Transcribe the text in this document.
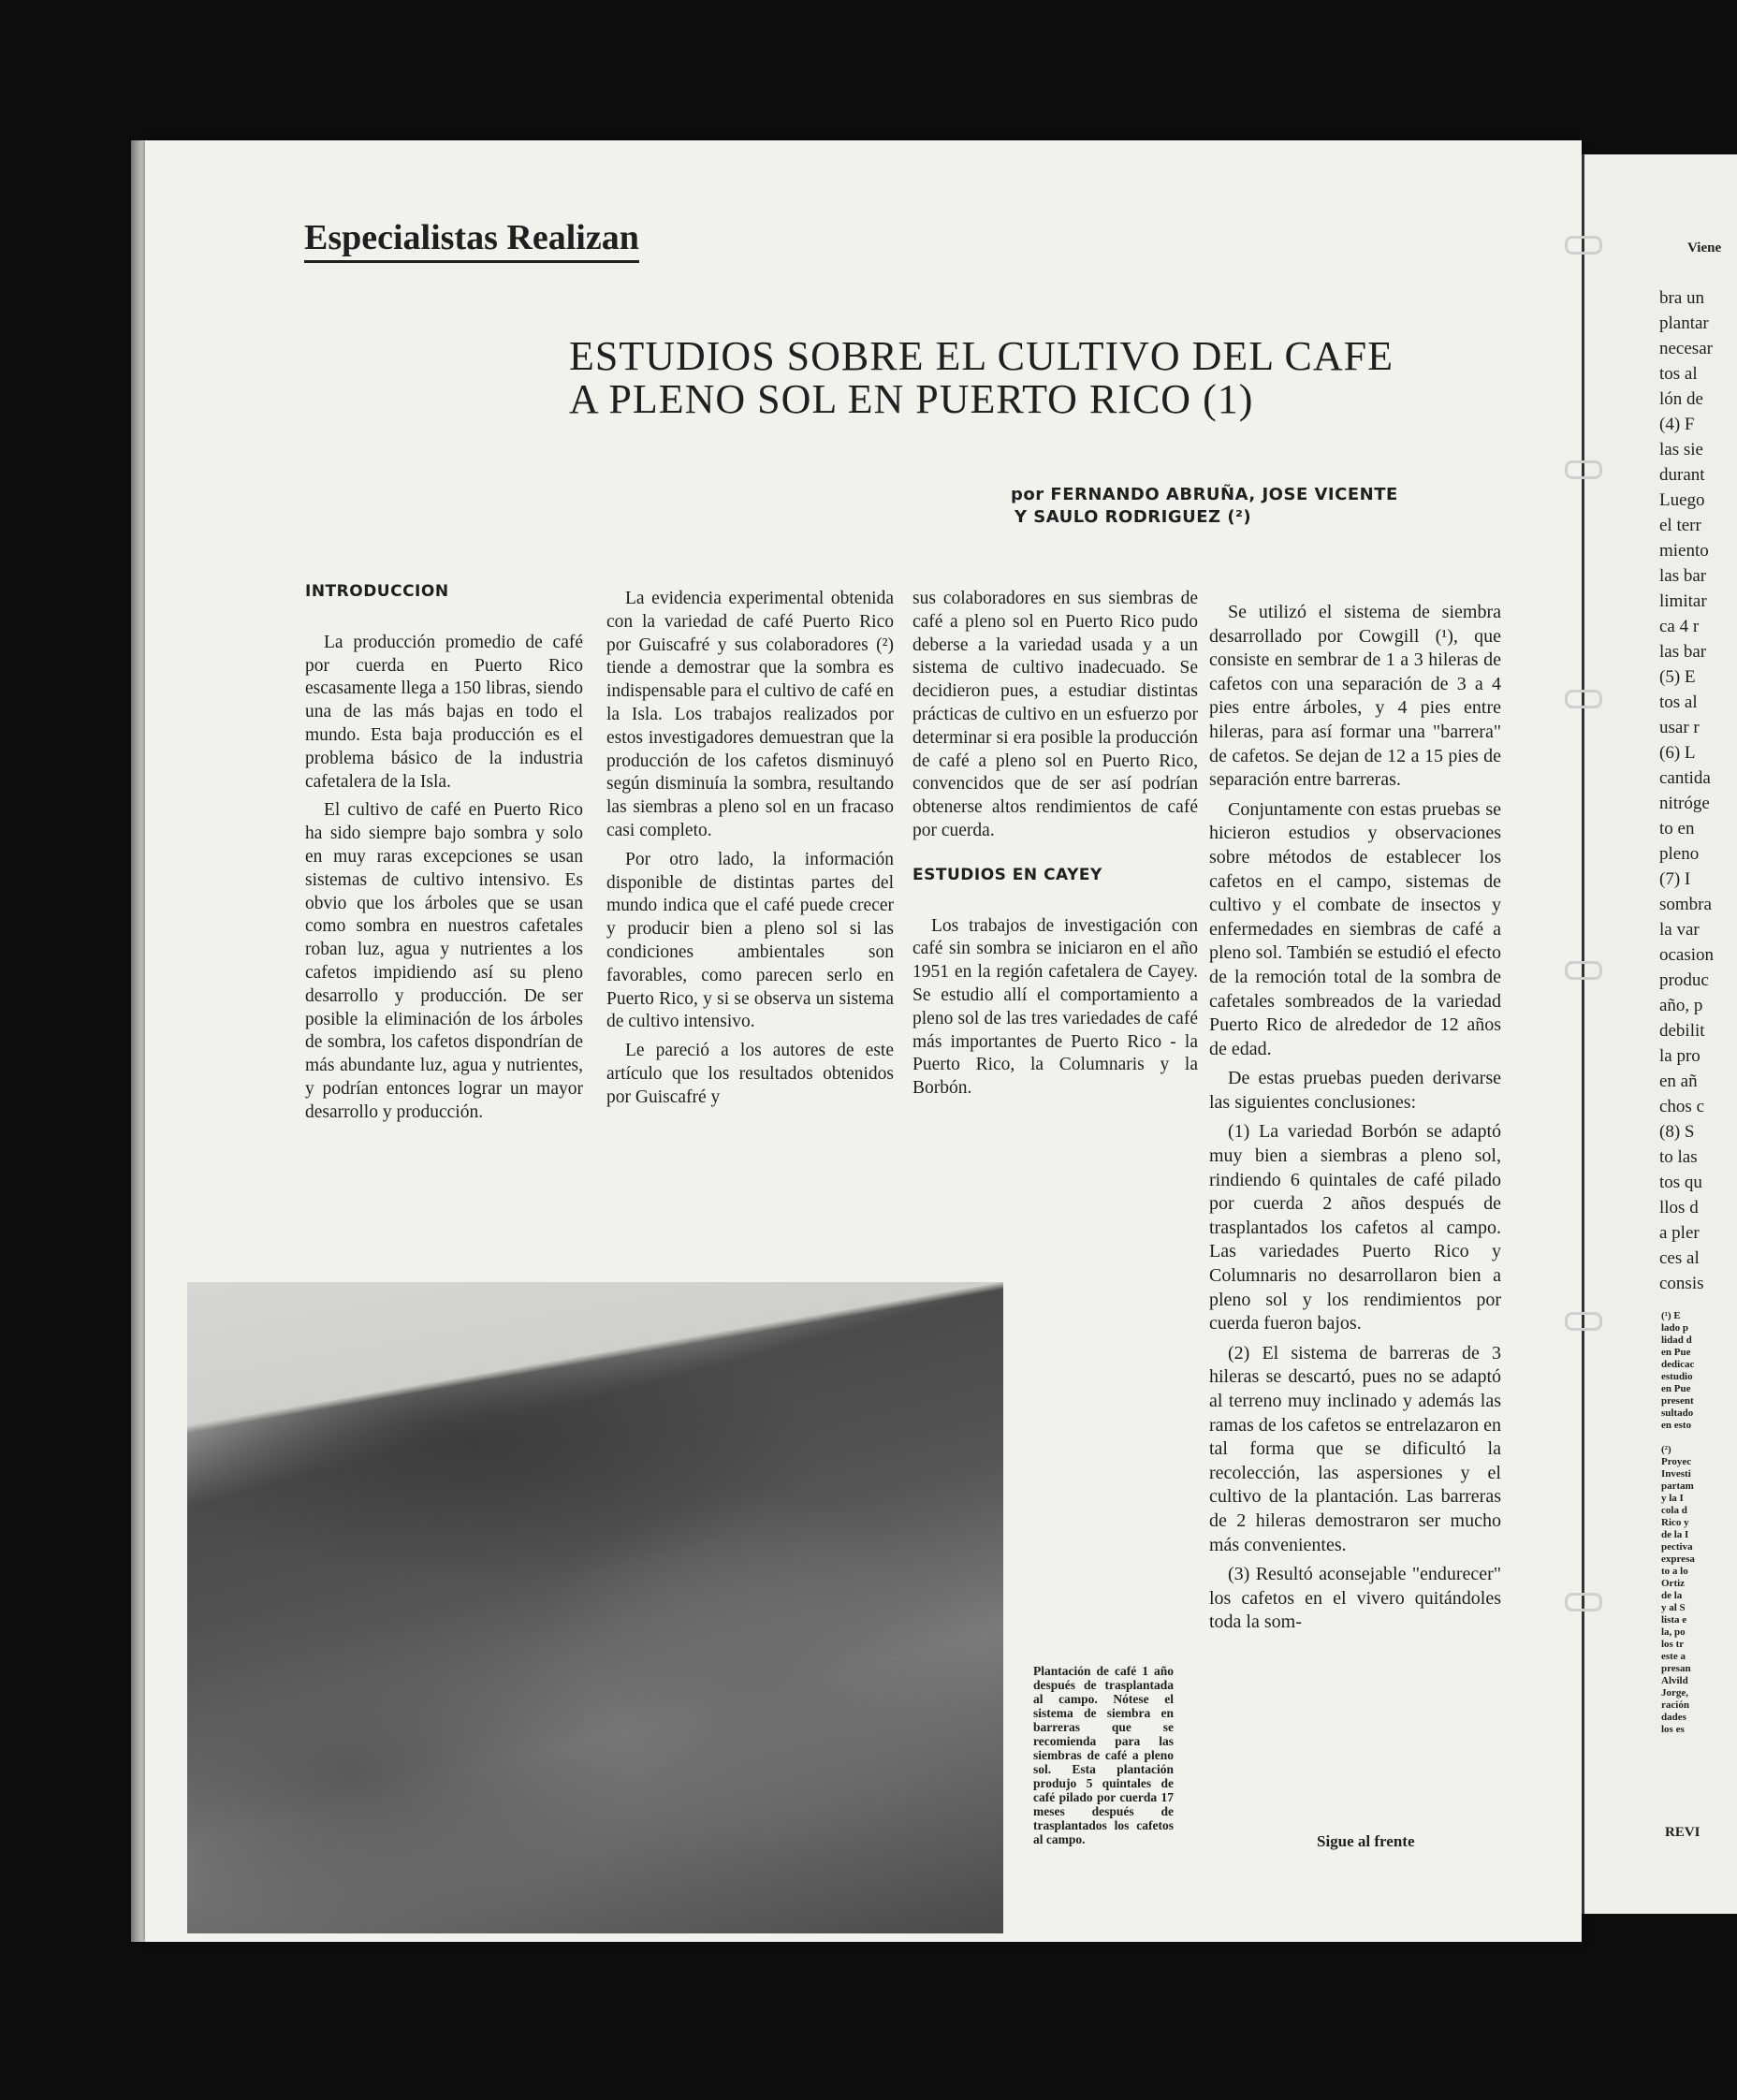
Viene
bra un
plantar
necesar
tos al
lón de
(4) F
las sie
durant
Luego
el terr
miento
las bar
limitar
ca 4 r
las bar
(5) E
tos al
usar r
(6) L
cantida
nitróge
to en
pleno
(7) I
sombra
la var
ocasion
produc
año, p
debilit
la pro
en añ
chos c
(8) S
to las
tos qu
llos d
a pler
ces al
consis
(¹) E
lado p
lidad d
en Pue
dedicac
estudio
en Pue
present
sultado
en esto

(²)
Proyec
Investi
partam
y la I
cola d
Rico y
de la I
pectiva
expresa
to a lo
Ortiz
de la
y al S
lista e
la, po
los tr
este a
presan
Alvild
Jorge,
ración
dades
los es
REVI
Especialistas Realizan
ESTUDIOS SOBRE EL CULTIVO DEL CAFE
A PLENO SOL EN PUERTO RICO (1)
por FERNANDO ABRUÑA, JOSE VICENTE
Y SAULO RODRIGUEZ (²)
INTRODUCCION

La producción promedio de café por cuerda en Puerto Rico escasamente llega a 150 libras, siendo una de las más bajas en todo el mundo. Esta baja producción es el problema básico de la industria cafetalera de la Isla.

El cultivo de café en Puerto Rico ha sido siempre bajo sombra y solo en muy raras excepciones se usan sistemas de cultivo intensivo. Es obvio que los árboles que se usan como sombra en nuestros cafetales roban luz, agua y nutrientes a los cafetos impidiendo así su pleno desarrollo y producción. De ser posible la eliminación de los árboles de sombra, los cafetos dispondrían de más abundante luz, agua y nutrientes, y podrían entonces lograr un mayor desarrollo y producción.

La evidencia experimental obtenida con la variedad de café Puerto Rico por Guiscafré y sus colaboradores (²) tiende a demostrar que la sombra es indispensable para el cultivo de café en la Isla. Los trabajos realizados por estos investigadores demuestran que la producción de los cafetos disminuyó según disminuía la sombra, resultando las siembras a pleno sol en un fracaso casi completo.

Por otro lado, la información disponible de distintas partes del mundo indica que el café puede crecer y producir bien a pleno sol si las condiciones ambientales son favorables, como parecen serlo en Puerto Rico, y si se observa un sistema de cultivo intensivo.

Le pareció a los autores de este artículo que los resultados obtenidos por Guiscafré y

sus colaboradores en sus siembras de café a pleno sol en Puerto Rico pudo deberse a la variedad usada y a un sistema de cultivo inadecuado. Se decidieron pues, a estudiar distintas prácticas de cultivo en un esfuerzo por determinar si era posible la producción de café a pleno sol en Puerto Rico, convencidos que de ser así podrían obtenerse altos rendimientos de café por cuerda.

ESTUDIOS EN CAYEY

Los trabajos de investigación con café sin sombra se iniciaron en el año 1951 en la región cafetalera de Cayey. Se estudio allí el comportamiento a pleno sol de las tres variedades de café más importantes de Puerto Rico - la Puerto Rico, la Columnaris y la Borbón.

Se utilizó el sistema de siembra desarrollado por Cowgill (¹), que consiste en sembrar de 1 a 3 hileras de cafetos con una separación de 3 a 4 pies entre árboles, y 4 pies entre hileras, para así formar una "barrera" de cafetos. Se dejan de 12 a 15 pies de separación entre barreras.

Conjuntamente con estas pruebas se hicieron estudios y observaciones sobre métodos de establecer los cafetos en el campo, sistemas de cultivo y el combate de insectos y enfermedades en siembras de café a pleno sol. También se estudió el efecto de la remoción total de la sombra de cafetales sombreados de la variedad Puerto Rico de alrededor de 12 años de edad.

De estas pruebas pueden derivarse las siguientes conclusiones:

(1) La variedad Borbón se adaptó muy bien a siembras a pleno sol, rindiendo 6 quintales de café pilado por cuerda 2 años después de trasplantados los cafetos al campo. Las variedades Puerto Rico y Columnaris no desarrollaron bien a pleno sol y los rendimientos por cuerda fueron bajos.

(2) El sistema de barreras de 3 hileras se descartó, pues no se adaptó al terreno muy inclinado y además las ramas de los cafetos se entrelazaron en tal forma que se dificultó la recolección, las aspersiones y el cultivo de la plantación. Las barreras de 2 hileras demostraron ser mucho más convenientes.

(3) Resultó aconsejable "endurecer" los cafetos en el vivero quitándoles toda la som-

Plantación de café 1 año después de trasplantada al campo. Nótese el sistema de siembra en barreras que se recomienda para las siembras de café a pleno sol. Esta plantación produjo 5 quintales de café pilado por cuerda 17 meses después de trasplantados los cafetos al campo.	Sigue al frente
